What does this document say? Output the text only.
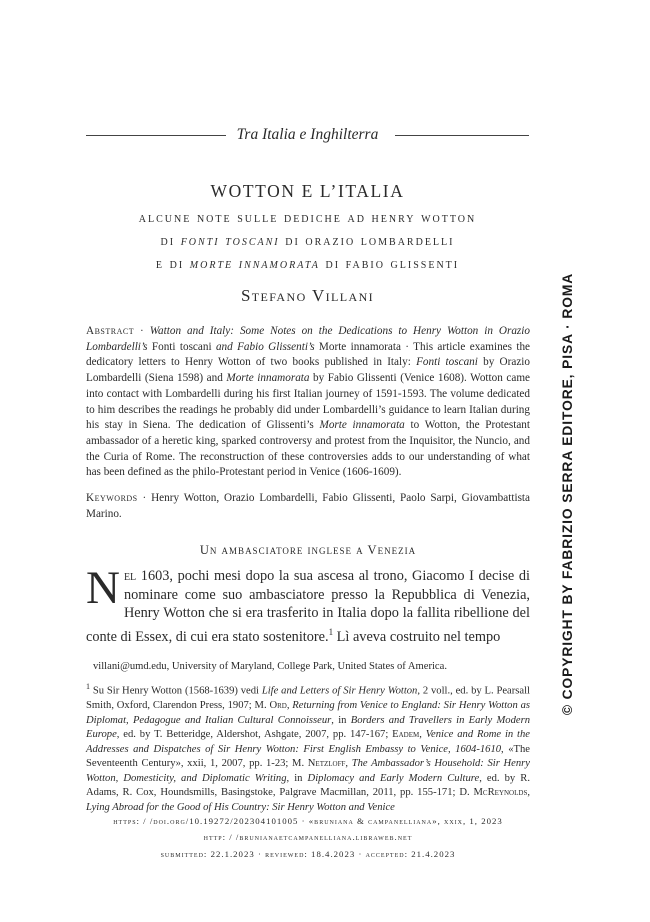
Tra Italia e Inghilterra
WOTTON E L’ITALIA
alcune note sulle dediche ad henry wotton
di fonti toscani di orazio lombardelli
e di morte innamorata di fabio glissenti
Stefano Villani
Abstract · Watton and Italy: Some Notes on the Dedications to Henry Wotton in Orazio Lombardelli’s Fonti toscani and Fabio Glissenti’s Morte innamorata · This article examines the dedicatory letters to Henry Wotton of two books published in Italy: Fonti toscani by Orazio Lombardelli (Siena 1598) and Morte innamorata by Fabio Glissenti (Venice 1608). Wotton came into contact with Lombardelli during his first Italian journey of 1591-1593. The volume dedicated to him describes the readings he probably did under Lombardelli’s guidance to learn Italian during his stay in Siena. The dedication of Glissenti’s Morte innamorata to Wotton, the Protestant ambassador of a heretic king, sparked controversy and protest from the Inquisitor, the Nuncio, and the Curia of Rome. The reconstruction of these controversies adds to our understanding of what has been defined as the philo-Protestant period in Venice (1606-1609).
Keywords · Henry Wotton, Orazio Lombardelli, Fabio Glissenti, Paolo Sarpi, Giovambattista Marino.
Un ambasciatore inglese a Venezia
Nel 1603, pochi mesi dopo la sua ascesa al trono, Giacomo I decise di nominare come suo ambasciatore presso la Repubblica di Venezia, Henry Wotton che si era trasferito in Italia dopo la fallita ribellione del conte di Essex, di cui era stato sostenitore.$^1$ Lì aveva costruito nel tempo
villani@umd.edu, University of Maryland, College Park, United States of America.
$^1$ Su Sir Henry Wotton (1568-1639) vedi Life and Letters of Sir Henry Wotton, 2 voll., ed. by L. Pearsall Smith, Oxford, Clarendon Press, 1907; M. Ord, Returning from Venice to England: Sir Henry Wotton as Diplomat, Pedagogue and Italian Cultural Connoisseur, in Borders and Travellers in Early Modern Europe, ed. by T. Betteridge, Aldershot, Ashgate, 2007, pp. 147-167; Eadem, Venice and Rome in the Addresses and Dispatches of Sir Henry Wotton: First English Embassy to Venice, 1604-1610, «The Seventeenth Century», xxii, 1, 2007, pp. 1-23; M. Netzloff, The Ambassador’s Household: Sir Henry Wotton, Domesticity, and Diplomatic Writing, in Diplomacy and Early Modern Culture, ed. by R. Adams, R. Cox, Houndsmills, Basingstoke, Palgrave Macmillan, 2011, pp. 155-171; D. McReynolds, Lying Abroad for the Good of His Country: Sir Henry Wotton and Venice
https: / /doi.org/10.19272/202304101005 · «bruniana & campanelliana», xxix, 1, 2023
http: / /brunianaetcampanelliana.libraweb.net
submitted: 22.1.2023 · reviewed: 18.4.2023 · accepted: 21.4.2023
© COPYRIGHT BY FABRIZIO SERRA EDITORE, PISA · ROMA
